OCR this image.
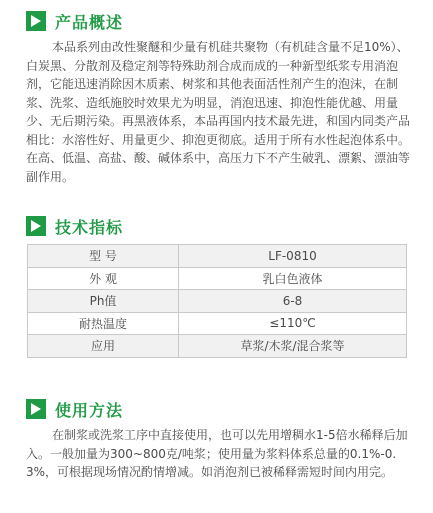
产品概述

本品系列由改性聚醚和少量有机硅共聚物（有机硅含量不足10%）、白炭黑、分散剂及稳定剂等特殊助剂合成而成的一种新型纸浆专用消泡剂，它能迅速消除因木质素、树浆和其他表面活性剂产生的泡沫，在制浆、洗浆、造纸施胶时效果尤为明显，消泡迅速、抑泡性能优越、用量少、无后期污染。再黑液体系，本品再国内技术最先进，和国内同类产品相比：水溶性好、用量更少、抑泡更彻底。适用于所有水性起泡体系中。在高、低温、高盐、酸、碱体系中，高压力下不产生破乳、漂絮、漂油等副作用。

技术指标
型 号	LF-0810
外 观	乳白色液体
Ph值	6-8
耐热温度	≤110℃
应用	草浆/木浆/混合浆等
使用方法

在制浆或洗浆工序中直接使用，也可以先用增稠水1-5倍水稀释后加入。一般加量为300~800克/吨浆；使用量为浆料体系总量的0.1%-0.3%，可根据现场情况酌情增减。如消泡剂已被稀释需短时间内用完。
